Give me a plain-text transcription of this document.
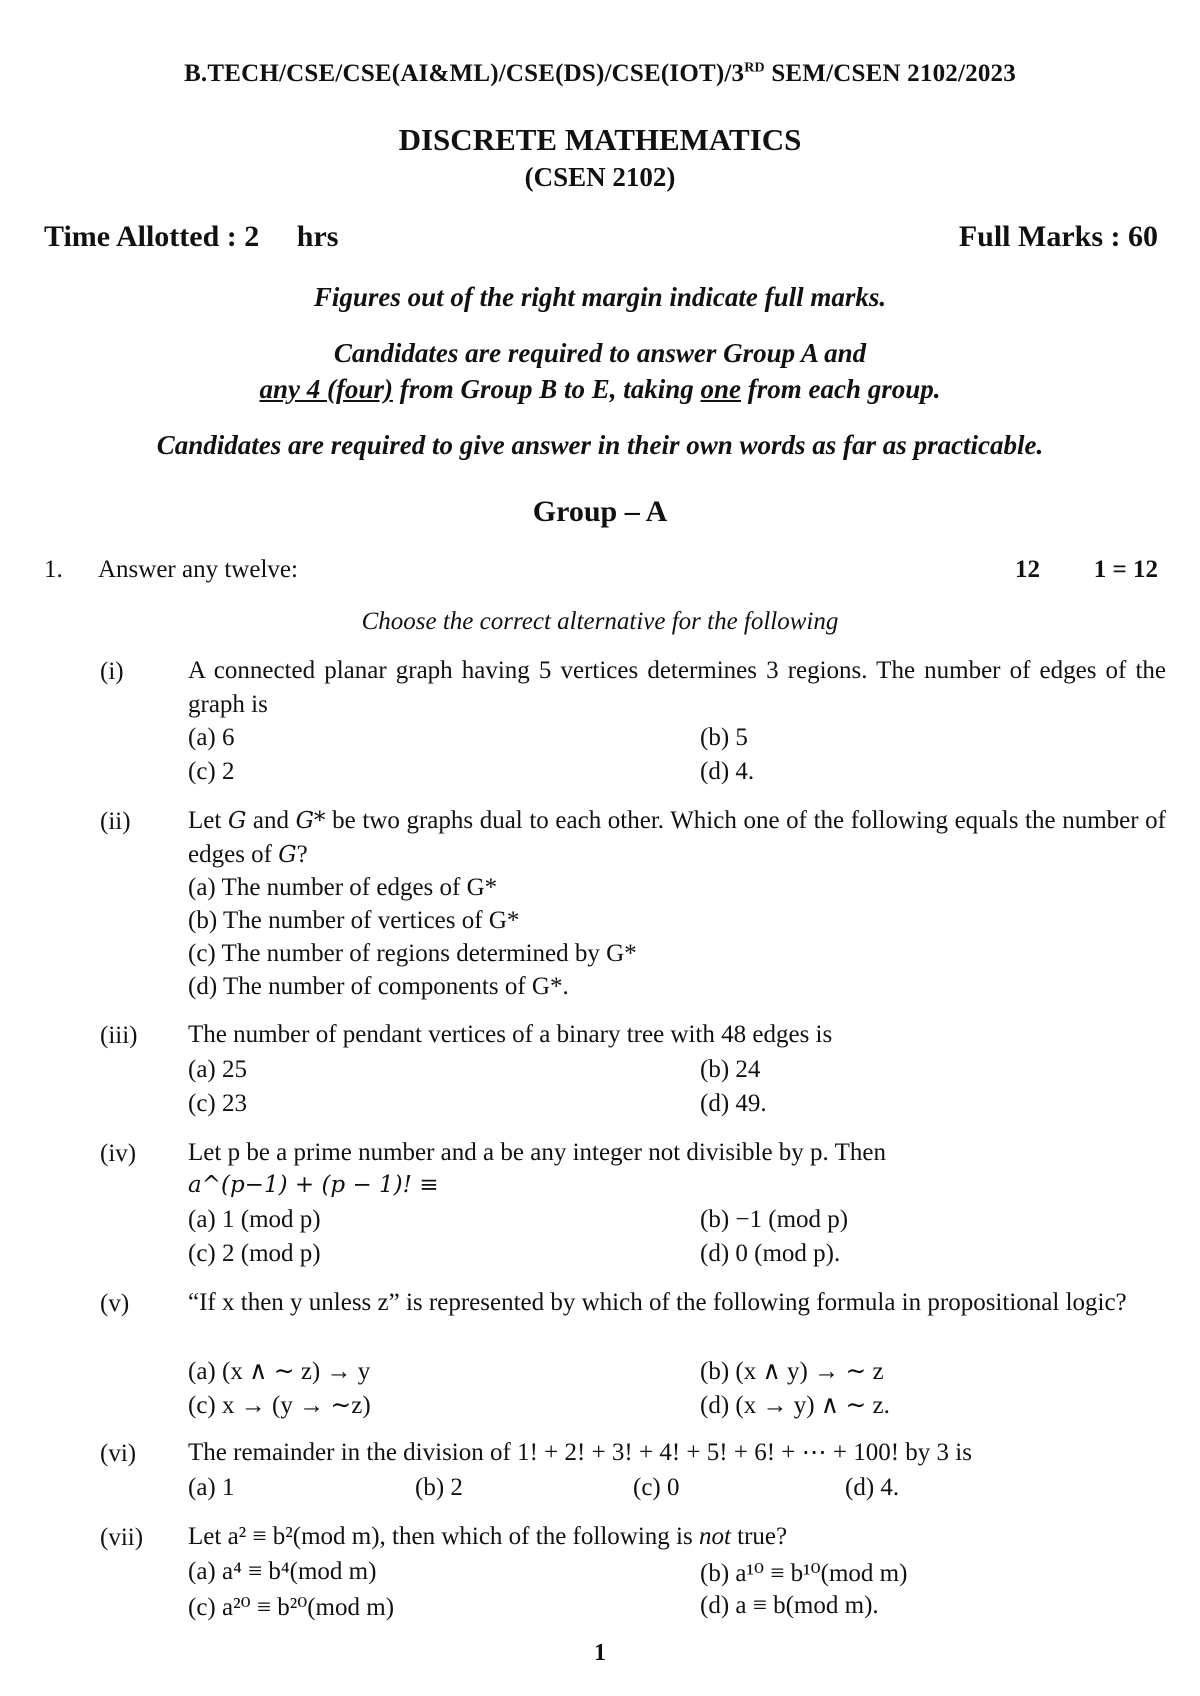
B.TECH/CSE/CSE(AI&ML)/CSE(DS)/CSE(IOT)/3RD SEM/CSEN 2102/2023
DISCRETE MATHEMATICS
(CSEN 2102)
Time Allotted : 2 hrs	Full Marks : 60
Figures out of the right margin indicate full marks.
Candidates are required to answer Group A and
any 4 (four) from Group B to E, taking one from each group.
Candidates are required to give answer in their own words as far as practicable.
Group – A
1. Answer any twelve:	12 1 = 12
Choose the correct alternative for the following
(i)	A connected planar graph having 5 vertices determines 3 regions. The number of edges of the graph is
(a) 6	(b) 5
(c) 2	(d) 4.
(ii) Let G and G* be two graphs dual to each other. Which one of the following equals the number of edges of G?
(a) The number of edges of G*
(b) The number of vertices of G*
(c) The number of regions determined by G*
(d) The number of components of G*.
(iii) The number of pendant vertices of a binary tree with 48 edges is
(a) 25	(b) 24
(c) 23	(d) 49.
(iv) Let p be a prime number and a be any integer not divisible by p. Then
a^(p−1) + (p − 1)! ≡
(a) 1 (mod p)	(b) −1 (mod p)
(c) 2 (mod p)	(d) 0 (mod p).
(v) “If x then y unless z” is represented by which of the following formula in propositional logic?
(a) (x ∧ ∼ z) → y	(b) (x ∧ y) → ∼ z
(c) x → (y → ∼z)	(d) (x → y) ∧ ∼ z.
(vi) The remainder in the division of 1! + 2! + 3! + 4! + 5! + 6! + ⋯ + 100! by 3 is
(a) 1	(b) 2	(c) 0	(d) 4.
(vii) Let a² ≡ b²(mod m), then which of the following is not true?
(a) a⁴ ≡ b⁴(mod m)	(b) a¹⁰ ≡ b¹⁰(mod m)
(c) a²⁰ ≡ b²⁰(mod m)	(d) a ≡ b(mod m).
1
